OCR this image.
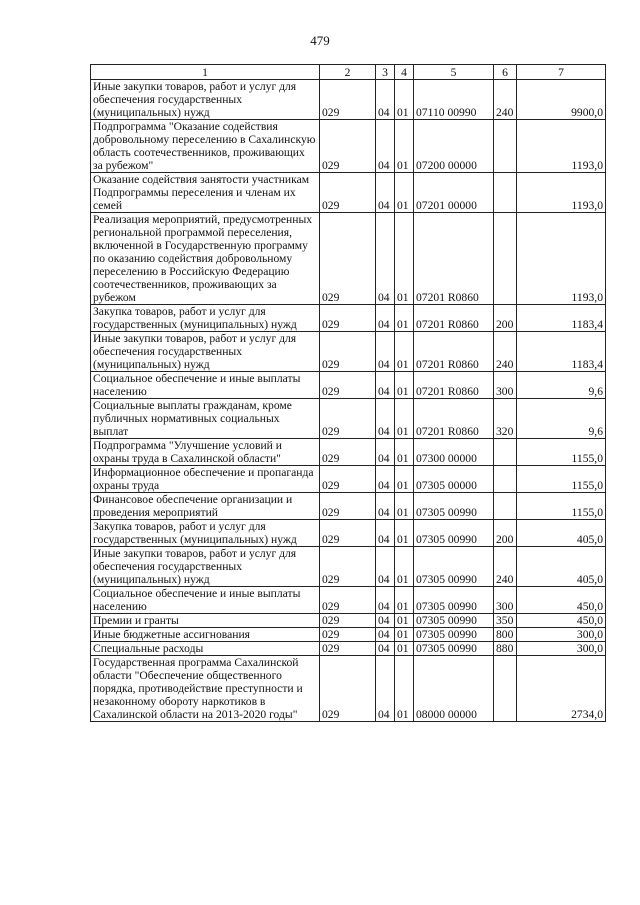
479
1	2	3	4	5	6	7
Иные закупки товаров, работ и услуг для обеспечения государственных (муниципальных) нужд	029	04	01	07110 00990	240	9900,0
Подпрограмма "Оказание содействия добровольному переселению в Сахалинскую область соотечественников, проживающих за рубежом"	029	04	01	07200 00000		1193,0
Оказание содействия занятости участникам Подпрограммы переселения и членам их семей	029	04	01	07201 00000		1193,0
Реализация мероприятий, предусмотренных региональной программой переселения, включенной в Государственную программу по оказанию содействия добровольному переселению в Российскую Федерацию соотечественников, проживающих за рубежом	029	04	01	07201 R0860		1193,0
Закупка товаров, работ и услуг для государственных (муниципальных) нужд	029	04	01	07201 R0860	200	1183,4
Иные закупки товаров, работ и услуг для обеспечения государственных (муниципальных) нужд	029	04	01	07201 R0860	240	1183,4
Социальное обеспечение и иные выплаты населению	029	04	01	07201 R0860	300	9,6
Социальные выплаты гражданам, кроме публичных нормативных социальных выплат	029	04	01	07201 R0860	320	9,6
Подпрограмма "Улучшение условий и охраны труда в Сахалинской области"	029	04	01	07300 00000		1155,0
Информационное обеспечение и пропаганда охраны труда	029	04	01	07305 00000		1155,0
Финансовое обеспечение организации и проведения мероприятий	029	04	01	07305 00990		1155,0
Закупка товаров, работ и услуг для государственных (муниципальных) нужд	029	04	01	07305 00990	200	405,0
Иные закупки товаров, работ и услуг для обеспечения государственных (муниципальных) нужд	029	04	01	07305 00990	240	405,0
Социальное обеспечение и иные выплаты населению	029	04	01	07305 00990	300	450,0
Премии и гранты	029	04	01	07305 00990	350	450,0
Иные бюджетные ассигнования	029	04	01	07305 00990	800	300,0
Специальные расходы	029	04	01	07305 00990	880	300,0
Государственная программа Сахалинской области "Обеспечение общественного порядка, противодействие преступности и незаконному обороту наркотиков в Сахалинской области на 2013-2020 годы"	029	04	01	08000 00000		2734,0
